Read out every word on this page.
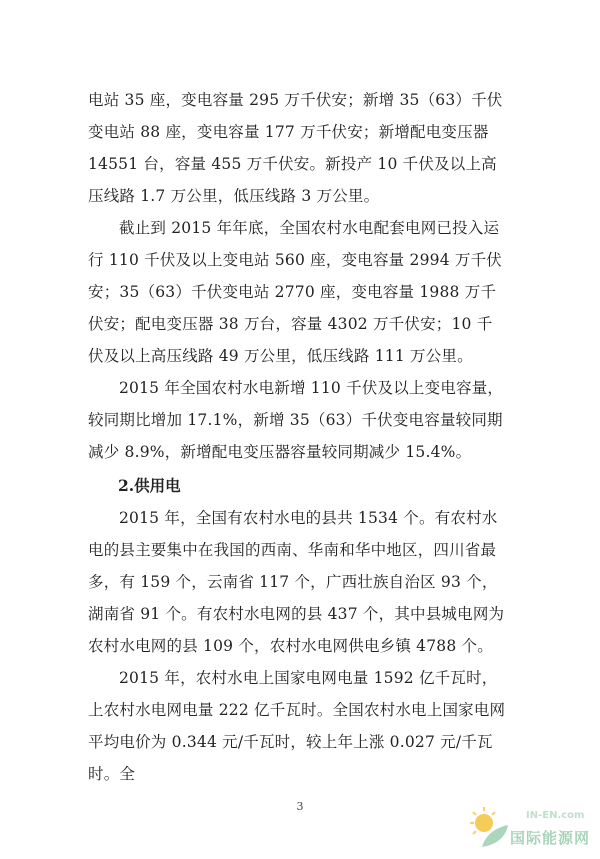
电站 35 座，变电容量 295 万千伏安；新增 35（63）千伏变电站 88 座，变电容量 177 万千伏安；新增配电变压器 14551 台，容量 455 万千伏安。新投产 10 千伏及以上高压线路 1.7 万公里，低压线路 3 万公里。

截止到 2015 年年底，全国农村水电配套电网已投入运行 110 千伏及以上变电站 560 座，变电容量 2994 万千伏安；35（63）千伏变电站 2770 座，变电容量 1988 万千伏安；配电变压器 38 万台，容量 4302 万千伏安；10 千伏及以上高压线路 49 万公里，低压线路 111 万公里。

2015 年全国农村水电新增 110 千伏及以上变电容量，较同期比增加 17.1%，新增 35（63）千伏变电容量较同期减少 8.9%，新增配电变压器容量较同期减少 15.4%。

2.供用电

2015 年，全国有农村水电的县共 1534 个。有农村水电的县主要集中在我国的西南、华南和华中地区，四川省最多，有 159 个，云南省 117 个，广西壮族自治区 93 个，湖南省 91 个。有农村水电网的县 437 个，其中县城电网为农村水电网的县 109 个，农村水电网供电乡镇 4788 个。

2015 年，农村水电上国家电网电量 1592 亿千瓦时，上农村水电网电量 222 亿千瓦时。全国农村水电上国家电网平均电价为 0.344 元/千瓦时，较上年上涨 0.027 元/千瓦时。全

3
IN-EN.com
国际能源网
